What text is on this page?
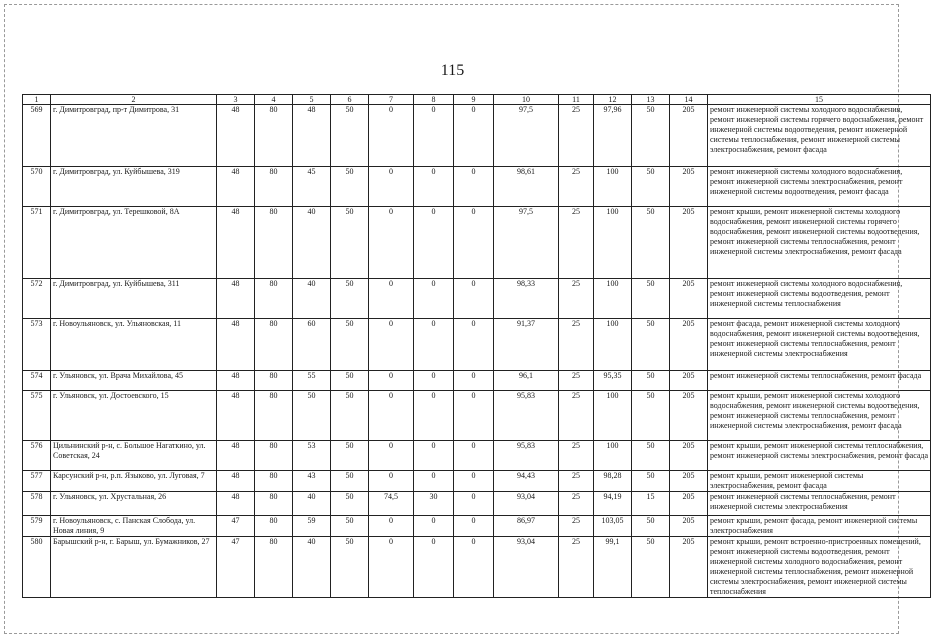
115
1	2	3	4	5	6	7	8	9	10	11	12	13	14	15
569	г. Димитровград, пр-т Димитрова, 31	48	80	48	50	0	0	0	97,5	25	97,96	50	205	ремонт инженерной системы холодного водоснабжения, ремонт инженерной системы горячего водоснабжения, ремонт инженерной системы водоотведения, ремонт инженерной системы теплоснабжения, ремонт инженерной системы электроснабжения, ремонт фасада
570	г. Димитровград, ул. Куйбышева, 319	48	80	45	50	0	0	0	98,61	25	100	50	205	ремонт инженерной системы холодного водоснабжения, ремонт инженерной системы электроснабжения, ремонт инженерной системы водоотведения, ремонт фасада
571	г. Димитровград, ул. Терешковой, 8А	48	80	40	50	0	0	0	97,5	25	100	50	205	ремонт крыши, ремонт инженерной системы холодного водоснабжения, ремонт инженерной системы горячего водоснабжения, ремонт инженерной системы водоотведения, ремонт инженерной системы теплоснабжения, ремонт инженерной системы электроснабжения, ремонт фасада
572	г. Димитровград, ул. Куйбышева, 311	48	80	40	50	0	0	0	98,33	25	100	50	205	ремонт инженерной системы холодного водоснабжения, ремонт инженерной системы водоотведения, ремонт инженерной системы теплоснабжения
573	г. Новоульяновск, ул. Ульяновская, 11	48	80	60	50	0	0	0	91,37	25	100	50	205	ремонт фасада, ремонт инженерной системы холодного водоснабжения, ремонт инженерной системы водоотведения, ремонт инженерной системы теплоснабжения, ремонт инженерной системы электроснабжения
574	г. Ульяновск, ул. Врача Михайлова, 45	48	80	55	50	0	0	0	96,1	25	95,35	50	205	ремонт инженерной системы теплоснабжения, ремонт фасада
575	г. Ульяновск, ул. Достоевского, 15	48	80	50	50	0	0	0	95,83	25	100	50	205	ремонт крыши, ремонт инженерной системы холодного водоснабжения, ремонт инженерной системы водоотведения, ремонт инженерной системы теплоснабжения, ремонт инженерной системы электроснабжения, ремонт фасада
576	Цильнинский р-н, с. Большое Нагаткино, ул. Советская, 24	48	80	53	50	0	0	0	95,83	25	100	50	205	ремонт крыши, ремонт инженерной системы теплоснабжения, ремонт инженерной системы электроснабжения, ремонт фасада
577	Карсунский р-н, р.п. Языково, ул. Луговая, 7	48	80	43	50	0	0	0	94,43	25	98,28	50	205	ремонт крыши, ремонт инженерной системы электроснабжения, ремонт фасада
578	г. Ульяновск, ул. Хрустальная, 26	48	80	40	50	74,5	30	0	93,04	25	94,19	15	205	ремонт инженерной системы теплоснабжения, ремонт инженерной системы электроснабжения
579	г. Новоульяновск, с. Панская Слобода, ул. Новая линия, 9	47	80	59	50	0	0	0	86,97	25	103,05	50	205	ремонт крыши, ремонт фасада, ремонт инженерной системы электроснабжения
580	Барышский р-н, г. Барыш, ул. Бумажников, 27	47	80	40	50	0	0	0	93,04	25	99,1	50	205	ремонт крыши, ремонт встроенно-пристроенных помещений, ремонт инженерной системы водоотведения, ремонт инженерной системы холодного водоснабжения, ремонт инженерной системы теплоснабжения, ремонт инженерной системы электроснабжения, ремонт инженерной системы теплоснабжения
